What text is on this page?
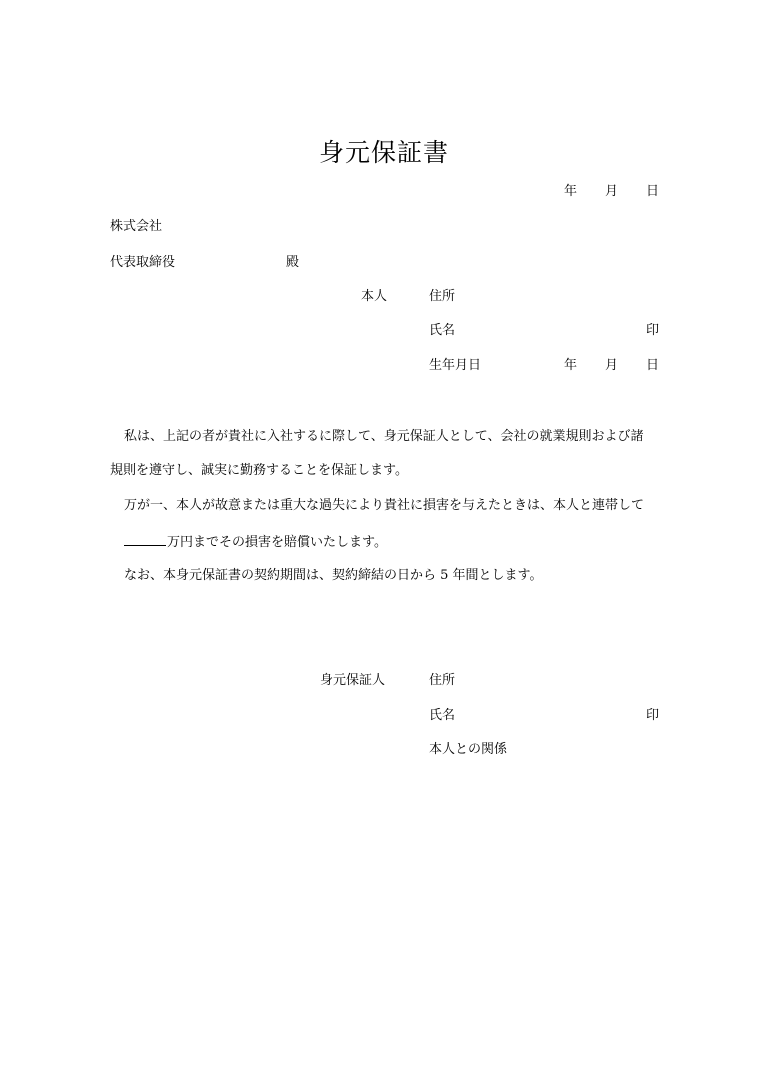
身元保証書
年 月 日
株式会社
代表取締役	殿
本人	住所
氏名	印
生年月日	年 月 日
私は、上記の者が貴社に入社するに際して、身元保証人として、会社の就業規則および諸
規則を遵守し、誠実に勤務することを保証します。
万が一、本人が故意または重大な過失により貴社に損害を与えたときは、本人と連帯して
万円までその損害を賠償いたします。
なお、本身元保証書の契約期間は、契約締結の日から 5 年間とします。
身元保証人	住所
氏名	印
本人との関係
